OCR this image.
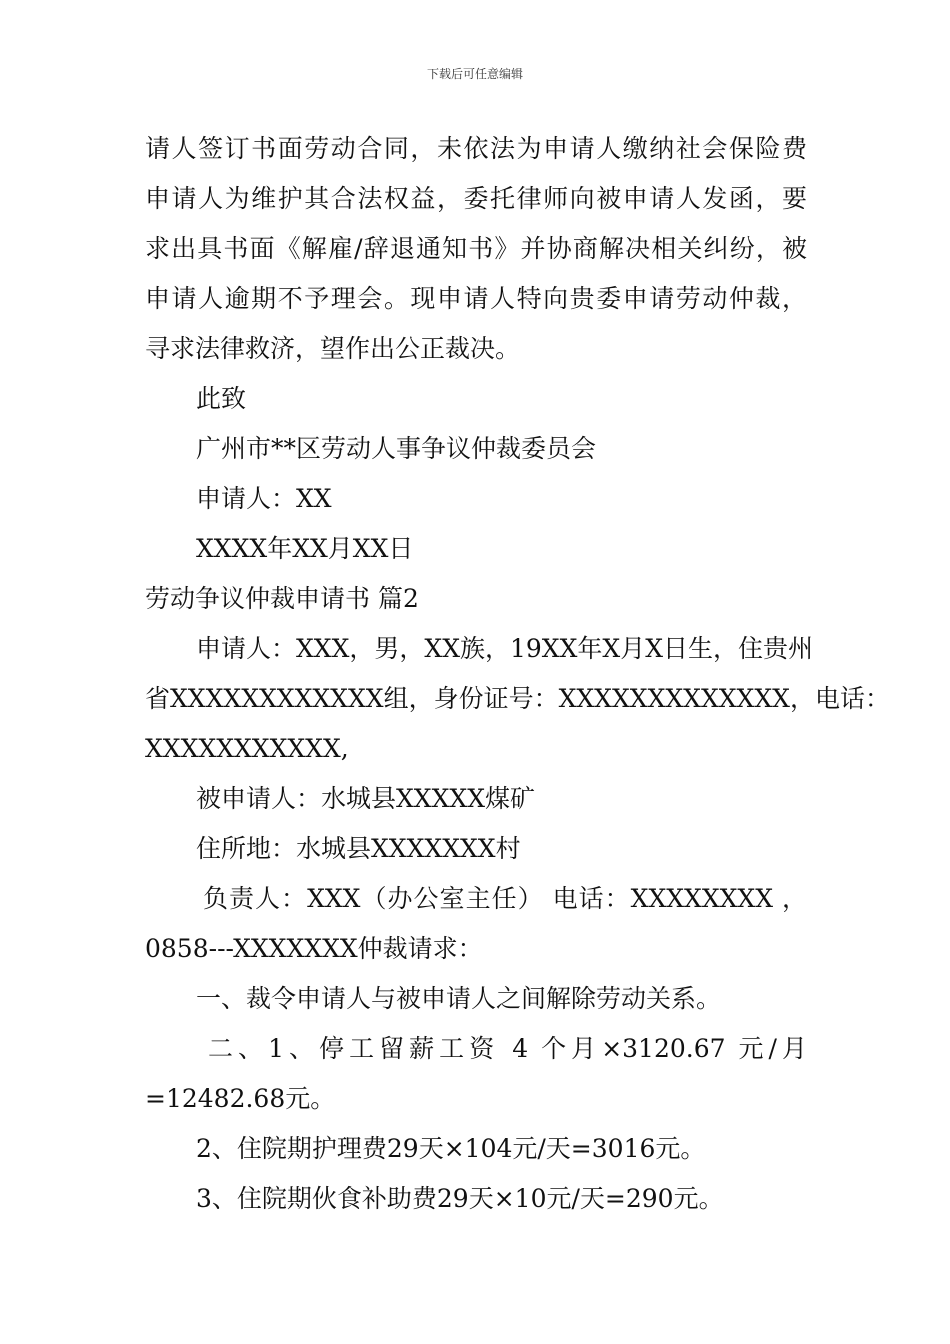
下载后可任意编辑
请人签订书面劳动合同，未依法为申请人缴纳社会保险费
申请人为维护其合法权益，委托律师向被申请人发函，要
求出具书面《解雇/辞退通知书》并协商解决相关纠纷，被
申请人逾期不予理会。现申请人特向贵委申请劳动仲裁，
寻求法律救济，望作出公正裁决。
此致
广州市**区劳动人事争议仲裁委员会
申请人：XX
XXXX年XX月XX日
劳动争议仲裁申请书 篇2
申请人：XXX，男，XX族，19XX年X月X日生，住贵州
省XXXXXXXXXXXX组，身份证号：XXXXXXXXXXXXX，电话：
XXXXXXXXXXX,
被申请人：水城县XXXXX煤矿
住所地：水城县XXXXXXX村
负责人：XXX（办公室主任） 电话：XXXXXXXX ，
0858---XXXXXXX仲裁请求：
一、裁令申请人与被申请人之间解除劳动关系。
二、1、停工留薪工资 4 个月×3120.67 元/月
=12482.68元。
2、住院期护理费29天×104元/天=3016元。
3、住院期伙食补助费29天×10元/天=290元。
